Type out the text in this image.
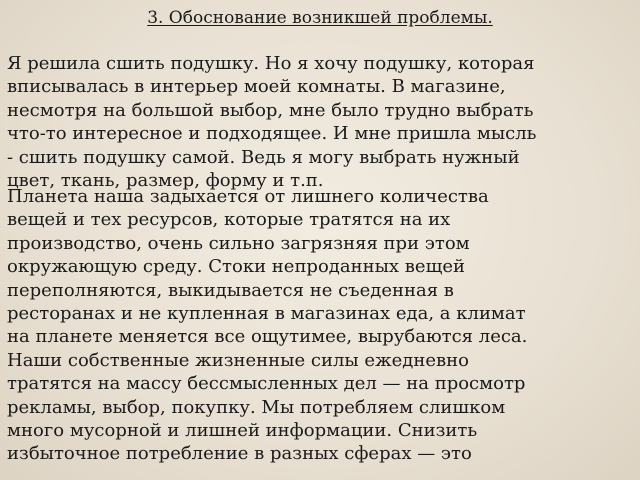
3. Обоснование возникшей проблемы.
Я решила сшить подушку. Но я хочу подушку, которая
вписывалась в интерьер моей комнаты. В магазине,
несмотря на большой выбор, мне было трудно выбрать
что-то интересное и подходящее. И мне пришла мысль
- сшить подушку самой. Ведь я могу выбрать нужный
цвет, ткань, размер, форму и т.п.
Планета наша задыхается от лишнего количества
вещей и тех ресурсов, которые тратятся на их
производство, очень сильно загрязняя при этом
окружающую среду. Стоки непроданных вещей
переполняются, выкидывается не съеденная в
ресторанах и не купленная в магазинах еда, а климат
на планете меняется все ощутимее, вырубаются леса.
Наши собственные жизненные силы ежедневно
тратятся на массу бессмысленных дел — на просмотр
рекламы, выбор, покупку. Мы потребляем слишком
много мусорной и лишней информации. Снизить
избыточное потребление в разных сферах — это
